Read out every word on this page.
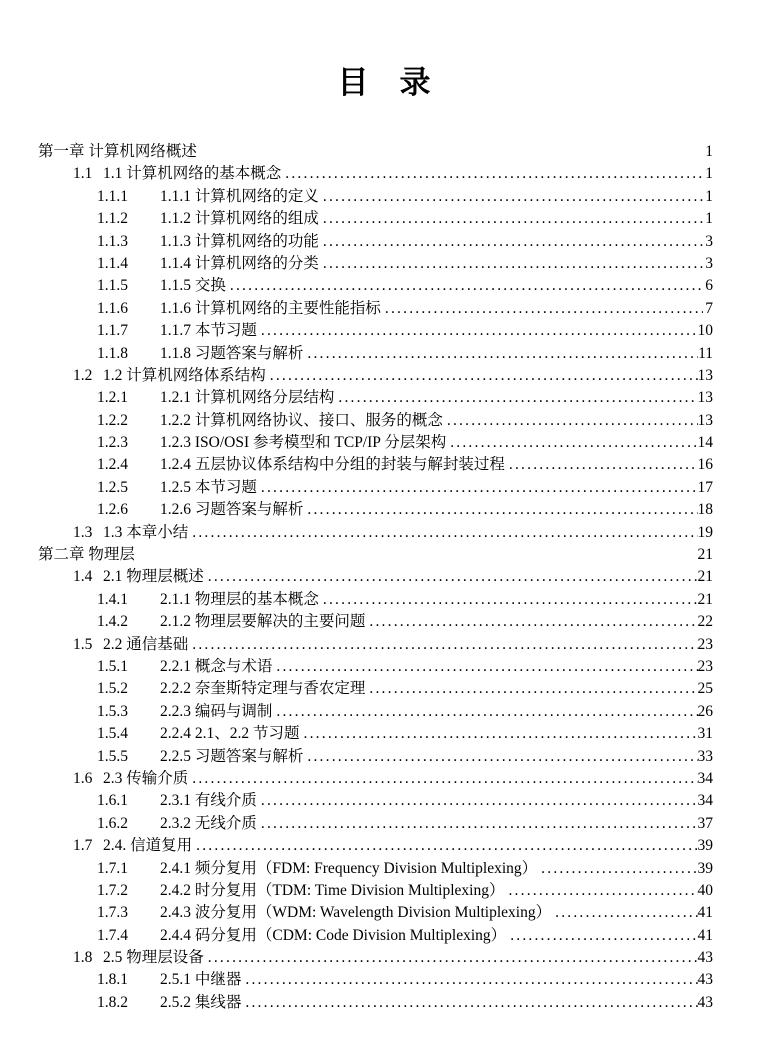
目　录
第一章 计算机网络概述	1
1.1 1.1 计算机网络的基本概念 .....	1
1.1.1	1.1.1 计算机网络的定义 .....	1
1.1.2	1.1.2 计算机网络的组成 .....	1
1.1.3	1.1.3 计算机网络的功能 .....	3
1.1.4	1.1.4 计算机网络的分类 .....	3
1.1.5	1.1.5 交换 .....	6
1.1.6	1.1.6 计算机网络的主要性能指标 .....	7
1.1.7	1.1.7 本节习题 .....	10
1.1.8	1.1.8 习题答案与解析 .....	11
1.2 1.2 计算机网络体系结构 .....	13
1.2.1	1.2.1 计算机网络分层结构 .....	13
1.2.2	1.2.2 计算机网络协议、接口、服务的概念 .....	13
1.2.3	1.2.3 ISO/OSI 参考模型和 TCP/IP 分层架构 .....	14
1.2.4	1.2.4 五层协议体系结构中分组的封装与解封装过程 .....	16
1.2.5	1.2.5 本节习题 .....	17
1.2.6	1.2.6 习题答案与解析 .....	18
1.3 1.3 本章小结 .....	19
第二章 物理层	21
1.4 2.1 物理层概述 .....	21
1.4.1	2.1.1 物理层的基本概念 .....	21
1.4.2	2.1.2 物理层要解决的主要问题 .....	22
1.5 2.2 通信基础 .....	23
1.5.1	2.2.1 概念与术语 .....	23
1.5.2	2.2.2 奈奎斯特定理与香农定理 .....	25
1.5.3	2.2.3 编码与调制 .....	26
1.5.4	2.2.4 2.1、2.2 节习题 .....	31
1.5.5	2.2.5 习题答案与解析 .....	33
1.6 2.3 传输介质 .....	34
1.6.1	2.3.1 有线介质 .....	34
1.6.2	2.3.2 无线介质 .....	37
1.7 2.4. 信道复用 .....	39
1.7.1	2.4.1 频分复用（FDM: Frequency Division Multiplexing） .....	39
1.7.2	2.4.2 时分复用（TDM: Time Division Multiplexing） .....	40
1.7.3	2.4.3 波分复用（WDM: Wavelength Division Multiplexing） .....	41
1.7.4	2.4.4 码分复用（CDM: Code Division Multiplexing） .....	41
1.8 2.5 物理层设备 .....	43
1.8.1	2.5.1 中继器 .....	43
1.8.2	2.5.2 集线器 .....	43
